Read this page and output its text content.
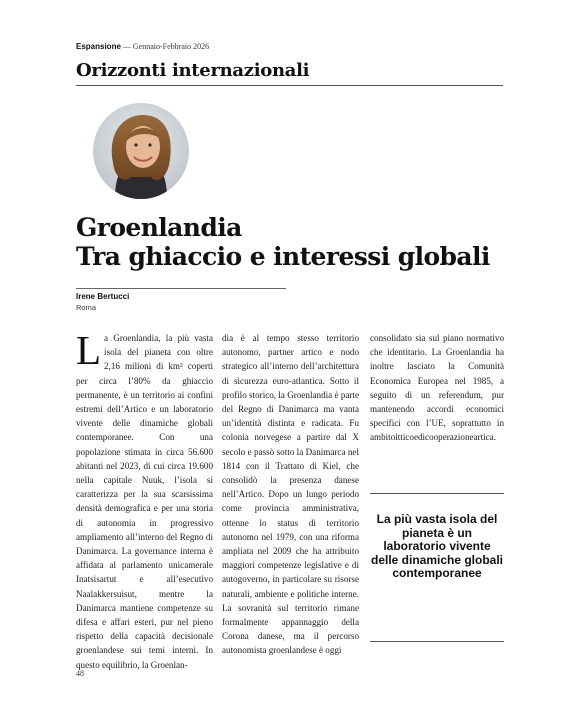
Espansione — Gennaio-Febbraio 2026
Orizzonti internazionali
Groenlandia
Tra ghiaccio e interessi globali
Irene Bertucci
Roma
La Groenlandia, la più vasta isola del pianeta con oltre 2,16 milioni di km² coperti per circa l’80% da ghiaccio permanente, è un territorio ai confini estremi dell’Artico e un laboratorio vivente delle dinamiche globali contemporanee. Con una popolazione stimata in circa 56.600 abitanti nel 2023, di cui circa 19.600 nella capitale Nuuk, l’isola si caratterizza per la sua scarsissima densità demografica e per una storia di autonomia in progressivo ampliamento all’interno del Regno di Danimarca. La governance interna è affidata al parlamento unicamerale Inatsisartut e all’esecutivo Naalakkersuisut, mentre la Danimarca mantiene competenze su difesa e affari esteri, pur nel pieno rispetto della capacità decisionale groenlandese sui temi interni. In questo equilibrio, la Groenlan-
dia è al tempo stesso territorio autonomo, partner artico e nodo strategico all’interno dell’architettura di sicurezza euro-atlantica. Sotto il profilo storico, la Groenlandia è parte del Regno di Danimarca ma vanta un’identità distinta e radicata. Fu colonia norvegese a partire dal X secolo e passò sotto la Danimarca nel 1814 con il Trattato di Kiel, che consolidò la presenza danese nell’Artico. Dopo un lungo periodo come provincia amministrativa, ottenne lo status di territorio autonomo nel 1979, con una riforma ampliata nel 2009 che ha attribuito maggiori competenze legislative e di autogoverno, in particolare su risorse naturali, ambiente e politiche interne. La sovranità sul territorio rimane formalmente appannaggio della Corona danese, ma il percorso autonomista groenlandese è oggi
consolidato sia sul piano normativo che identitario. La Groenlandia ha inoltre lasciato la Comunità Economica Europea nel 1985, a seguito di un referendum, pur mantenendo accordi economici specifici con l’UE, soprattutto in ambitoitticoedicooperazioneartica.
La più vasta isola del pianeta è un laboratorio vivente delle dinamiche globali contemporanee
48
